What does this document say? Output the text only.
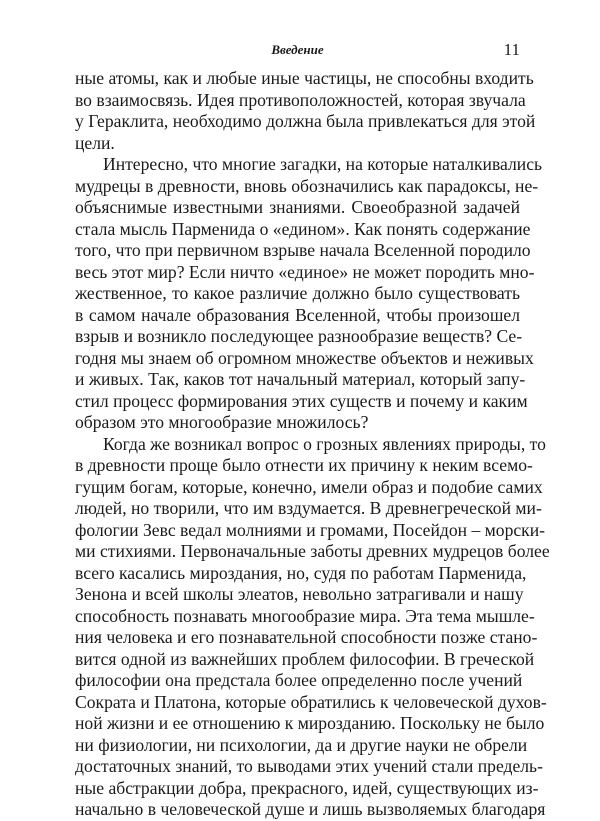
Введение	11
ные атомы, как и любые иные частицы, не способны входить
во взаимосвязь. Идея противоположностей, которая звучала
у Гераклита, необходимо должна была привлекаться для этой
цели.
Интересно, что многие загадки, на которые наталкивались
мудрецы в древности, вновь обозначились как парадоксы, не-
объяснимые известными знаниями. Своеобразной задачей
стала мысль Парменида о «едином». Как понять содержание
того, что при первичном взрыве начала Вселенной породило
весь этот мир? Если ничто «единое» не может породить мно-
жественное, то какое различие должно было существовать
в самом начале образования Вселенной, чтобы произошел
взрыв и возникло последующее разнообразие веществ? Се-
годня мы знаем об огромном множестве объектов и неживых
и живых. Так, каков тот начальный материал, который запу-
стил процесс формирования этих существ и почему и каким
образом это многообразие множилось?
Когда же возникал вопрос о грозных явлениях природы, то
в древности проще было отнести их причину к неким всемо-
гущим богам, которые, конечно, имели образ и подобие самих
людей, но творили, что им вздумается. В древнегреческой ми-
фологии Зевс ведал молниями и громами, Посейдон – морски-
ми стихиями. Первоначальные заботы древних мудрецов более
всего касались мироздания, но, судя по работам Парменида,
Зенона и всей школы элеатов, невольно затрагивали и нашу
способность познавать многообразие мира. Эта тема мышле-
ния человека и его познавательной способности позже стано-
вится одной из важнейших проблем философии. В греческой
философии она предстала более определенно после учений
Сократа и Платона, которые обратились к человеческой духов-
ной жизни и ее отношению к мирозданию. Поскольку не было
ни физиологии, ни психологии, да и другие науки не обрели
достаточных знаний, то выводами этих учений стали предель-
ные абстракции добра, прекрасного, идей, существующих из-
начально в человеческой душе и лишь вызволяемых благодаря
